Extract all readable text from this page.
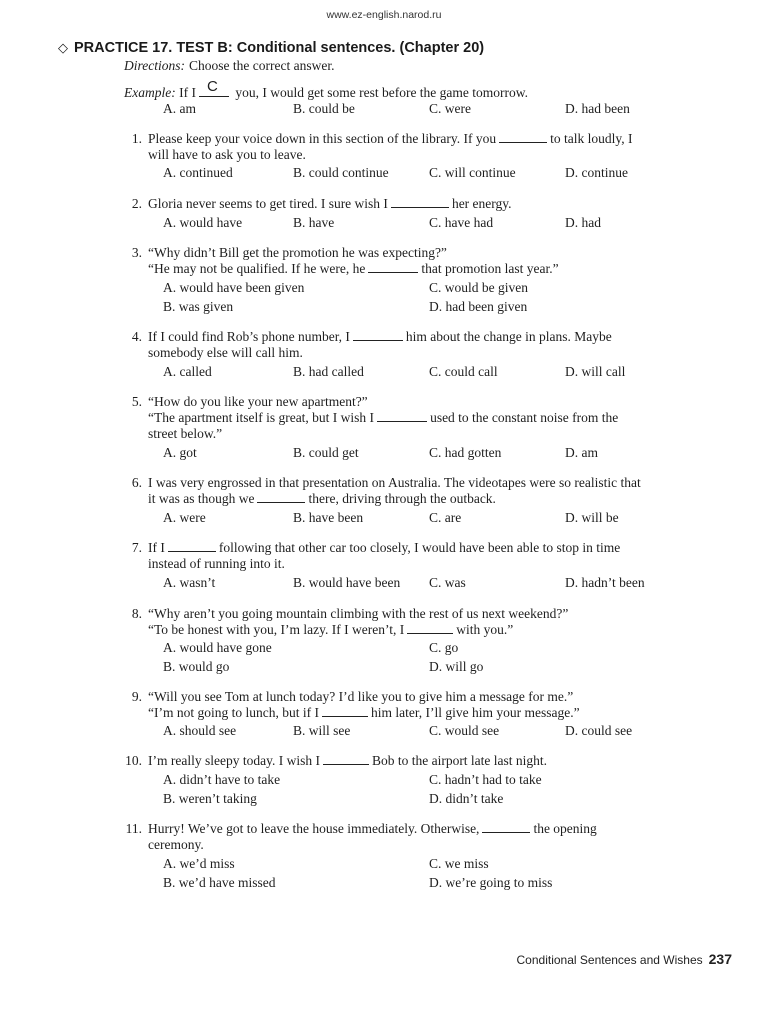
www.ez-english.narod.ru
◇ PRACTICE 17. TEST B: Conditional sentences. (Chapter 20)
Directions: Choose the correct answer.
Example: If I C you, I would get some rest before the game tomorrow.
A. am	B. could be	C. were	D. had been
1. Please keep your voice down in this section of the library. If you	to talk loudly, I
will have to ask you to leave.
A. continued	B. could continue	C. will continue	D. continue
2. Gloria never seems to get tired. I sure wish I	her energy.
A. would have	B. have	C. have had	D. had
3. “Why didn’t Bill get the promotion he was expecting?”
“He may not be qualified. If he were, he	that promotion last year.”
A. would have been given	C. would be given
B. was given	D. had been given
4. If I could find Rob’s phone number, I	him about the change in plans. Maybe
somebody else will call him.
A. called	B. had called	C. could call	D. will call
5. “How do you like your new apartment?”
“The apartment itself is great, but I wish I	used to the constant noise from the
street below.”
A. got	B. could get	C. had gotten	D. am
6. I was very engrossed in that presentation on Australia. The videotapes were so realistic that
it was as though we	there, driving through the outback.
A. were	B. have been	C. are	D. will be
7. If I	following that other car too closely, I would have been able to stop in time
instead of running into it.
A. wasn’t	B. would have been C. was	D. hadn’t been
8. “Why aren’t you going mountain climbing with the rest of us next weekend?”
“To be honest with you, I’m lazy. If I weren’t, I	with you.”
A. would have gone	C. go
B. would go	D. will go
9. “Will you see Tom at lunch today? I’d like you to give him a message for me.”
“I’m not going to lunch, but if I	him later, I’ll give him your message.”
A. should see	B. will see	C. would see	D. could see
10. I’m really sleepy today. I wish I	Bob to the airport late last night.
A. didn’t have to take	C. hadn’t had to take
B. weren’t taking	D. didn’t take
11. Hurry! We’ve got to leave the house immediately. Otherwise,	the opening
ceremony.
A. we’d miss	C. we miss
B. we’d have missed	D. we’re going to miss
Conditional Sentences and Wishes 237
